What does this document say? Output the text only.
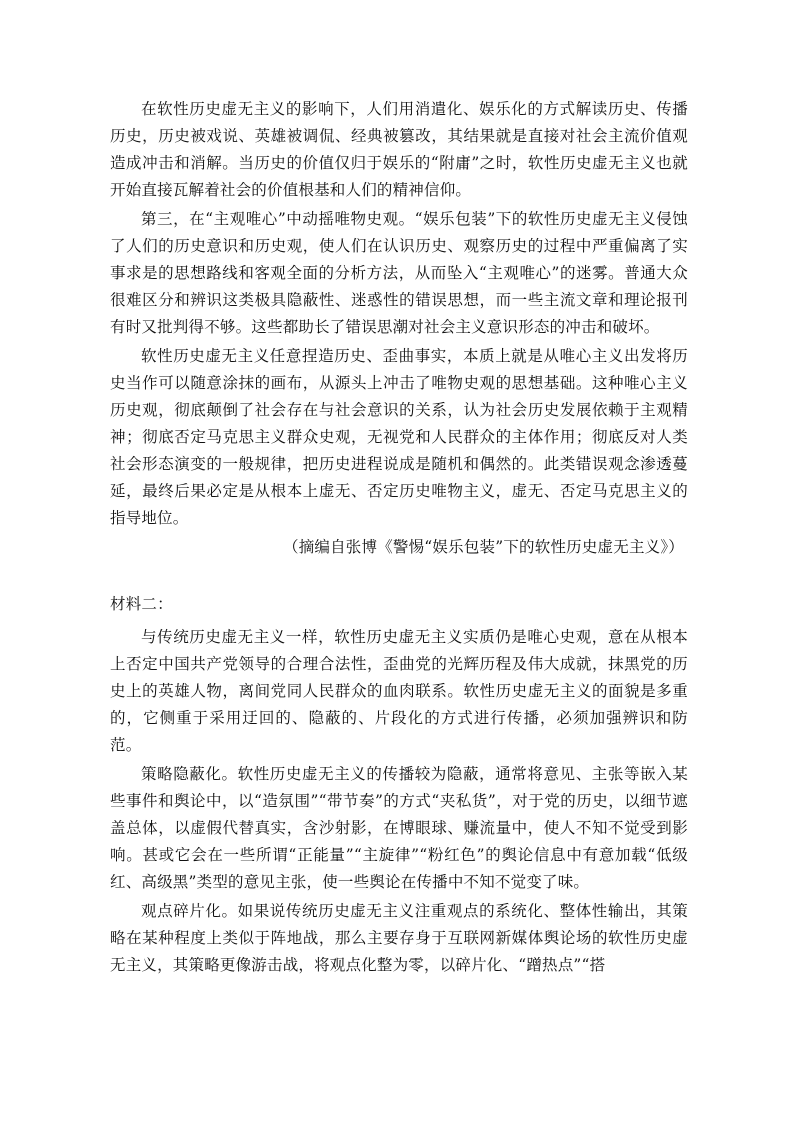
在软性历史虚无主义的影响下，人们用消遣化、娱乐化的方式解读历史、传播历史，历史被戏说、英雄被调侃、经典被篡改，其结果就是直接对社会主流价值观造成冲击和消解。当历史的价值仅归于娱乐的“附庸”之时，软性历史虚无主义也就开始直接瓦解着社会的价值根基和人们的精神信仰。

第三，在“主观唯心”中动摇唯物史观。“娱乐包装”下的软性历史虚无主义侵蚀了人们的历史意识和历史观，使人们在认识历史、观察历史的过程中严重偏离了实事求是的思想路线和客观全面的分析方法，从而坠入“主观唯心”的迷雾。普通大众很难区分和辨识这类极具隐蔽性、迷惑性的错误思想，而一些主流文章和理论报刊有时又批判得不够。这些都助长了错误思潮对社会主义意识形态的冲击和破坏。

软性历史虚无主义任意捏造历史、歪曲事实，本质上就是从唯心主义出发将历史当作可以随意涂抹的画布，从源头上冲击了唯物史观的思想基础。这种唯心主义历史观，彻底颠倒了社会存在与社会意识的关系，认为社会历史发展依赖于主观精神；彻底否定马克思主义群众史观，无视党和人民群众的主体作用；彻底反对人类社会形态演变的一般规律，把历史进程说成是随机和偶然的。此类错误观念渗透蔓延，最终后果必定是从根本上虚无、否定历史唯物主义，虚无、否定马克思主义的指导地位。

（摘编自张博《警惕“娱乐包装”下的软性历史虚无主义》）

材料二：

与传统历史虚无主义一样，软性历史虚无主义实质仍是唯心史观，意在从根本上否定中国共产党领导的合理合法性，歪曲党的光辉历程及伟大成就，抹黑党的历史上的英雄人物，离间党同人民群众的血肉联系。软性历史虚无主义的面貌是多重的，它侧重于采用迂回的、隐蔽的、片段化的方式进行传播，必须加强辨识和防范。

策略隐蔽化。软性历史虚无主义的传播较为隐蔽，通常将意见、主张等嵌入某些事件和舆论中，以“造氛围”“带节奏”的方式“夹私货”，对于党的历史，以细节遮盖总体，以虚假代替真实，含沙射影，在博眼球、赚流量中，使人不知不觉受到影响。甚或它会在一些所谓“正能量”“主旋律”“粉红色”的舆论信息中有意加载“低级红、高级黑”类型的意见主张，使一些舆论在传播中不知不觉变了味。

观点碎片化。如果说传统历史虚无主义注重观点的系统化、整体性输出，其策略在某种程度上类似于阵地战，那么主要存身于互联网新媒体舆论场的软性历史虚无主义，其策略更像游击战，将观点化整为零，以碎片化、“蹭热点”“搭
